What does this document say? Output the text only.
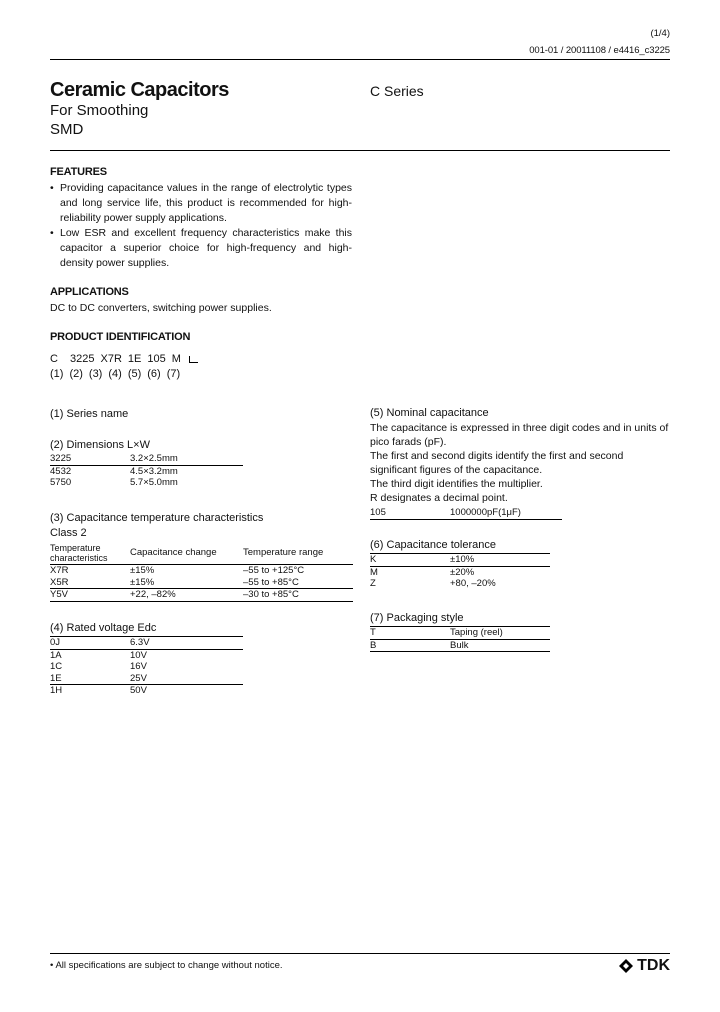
(1/4)
001-01 / 20011108 / e4416_c3225
Ceramic Capacitors
For Smoothing
SMD
C Series
FEATURES
• Providing capacitance values in the range of electrolytic types and long service life, this product is recommended for high-reliability power supply applications.
• Low ESR and excellent frequency characteristics make this capacitor a superior choice for high-frequency and high-density power supplies.
APPLICATIONS
DC to DC converters, switching power supplies.
PRODUCT IDENTIFICATION
C 3225 X7R 1E 105 M
(1) (2) (3) (4) (5) (6) (7)
(1) Series name
(2) Dimensions L×W
3225	3.2×2.5mm
4532	4.5×3.2mm
5750	5.7×5.0mm
(3) Capacitance temperature characteristics
Class 2
Temperature characteristics	Capacitance change	Temperature range
X7R	±15%	–55 to +125°C
X5R	±15%	–55 to +85°C
Y5V	+22, –82%	–30 to +85°C
(4) Rated voltage Edc
0J	6.3V
1A	10V
1C	16V
1E	25V
1H	50V
(5) Nominal capacitance
The capacitance is expressed in three digit codes and in units of pico farads (pF).
The first and second digits identify the first and second significant figures of the capacitance.
The third digit identifies the multiplier.
R designates a decimal point.
105	1000000pF(1μF)
(6) Capacitance tolerance
K	±10%
M	±20%
Z	+80, –20%
(7) Packaging style
T	Taping (reel)
B	Bulk
• All specifications are subject to change without notice.	TDK
